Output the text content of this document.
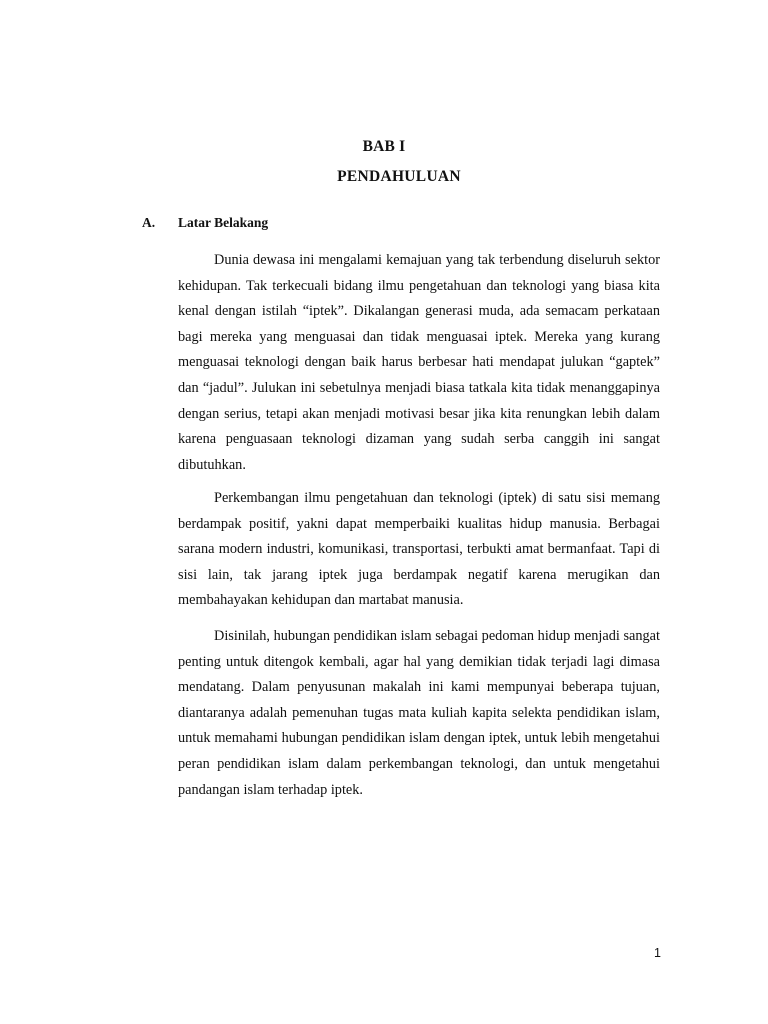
BAB I
PENDAHULUAN
A. Latar Belakang

Dunia dewasa ini mengalami kemajuan yang tak terbendung diseluruh sektor kehidupan. Tak terkecuali bidang ilmu pengetahuan dan teknologi yang biasa kita kenal dengan istilah “iptek”. Dikalangan generasi muda, ada semacam perkataan bagi mereka yang menguasai dan tidak menguasai iptek. Mereka yang kurang menguasai teknologi dengan baik harus berbesar hati mendapat julukan “gaptek” dan “jadul”. Julukan ini sebetulnya menjadi biasa tatkala kita tidak menanggapinya dengan serius, tetapi akan menjadi motivasi besar jika kita renungkan lebih dalam karena penguasaan teknologi dizaman yang sudah serba canggih ini sangat dibutuhkan.

Perkembangan ilmu pengetahuan dan teknologi (iptek) di satu sisi memang berdampak positif, yakni dapat memperbaiki kualitas hidup manusia. Berbagai sarana modern industri, komunikasi, transportasi, terbukti amat bermanfaat. Tapi di sisi lain, tak jarang iptek juga berdampak negatif karena merugikan dan membahayakan kehidupan dan martabat manusia.

Disinilah, hubungan pendidikan islam sebagai pedoman hidup menjadi sangat penting untuk ditengok kembali, agar hal yang demikian tidak terjadi lagi dimasa mendatang. Dalam penyusunan makalah ini kami mempunyai beberapa tujuan, diantaranya adalah pemenuhan tugas mata kuliah kapita selekta pendidikan islam, untuk memahami hubungan pendidikan islam dengan iptek, untuk lebih mengetahui peran pendidikan islam dalam perkembangan teknologi, dan untuk mengetahui pandangan islam terhadap iptek.

1
